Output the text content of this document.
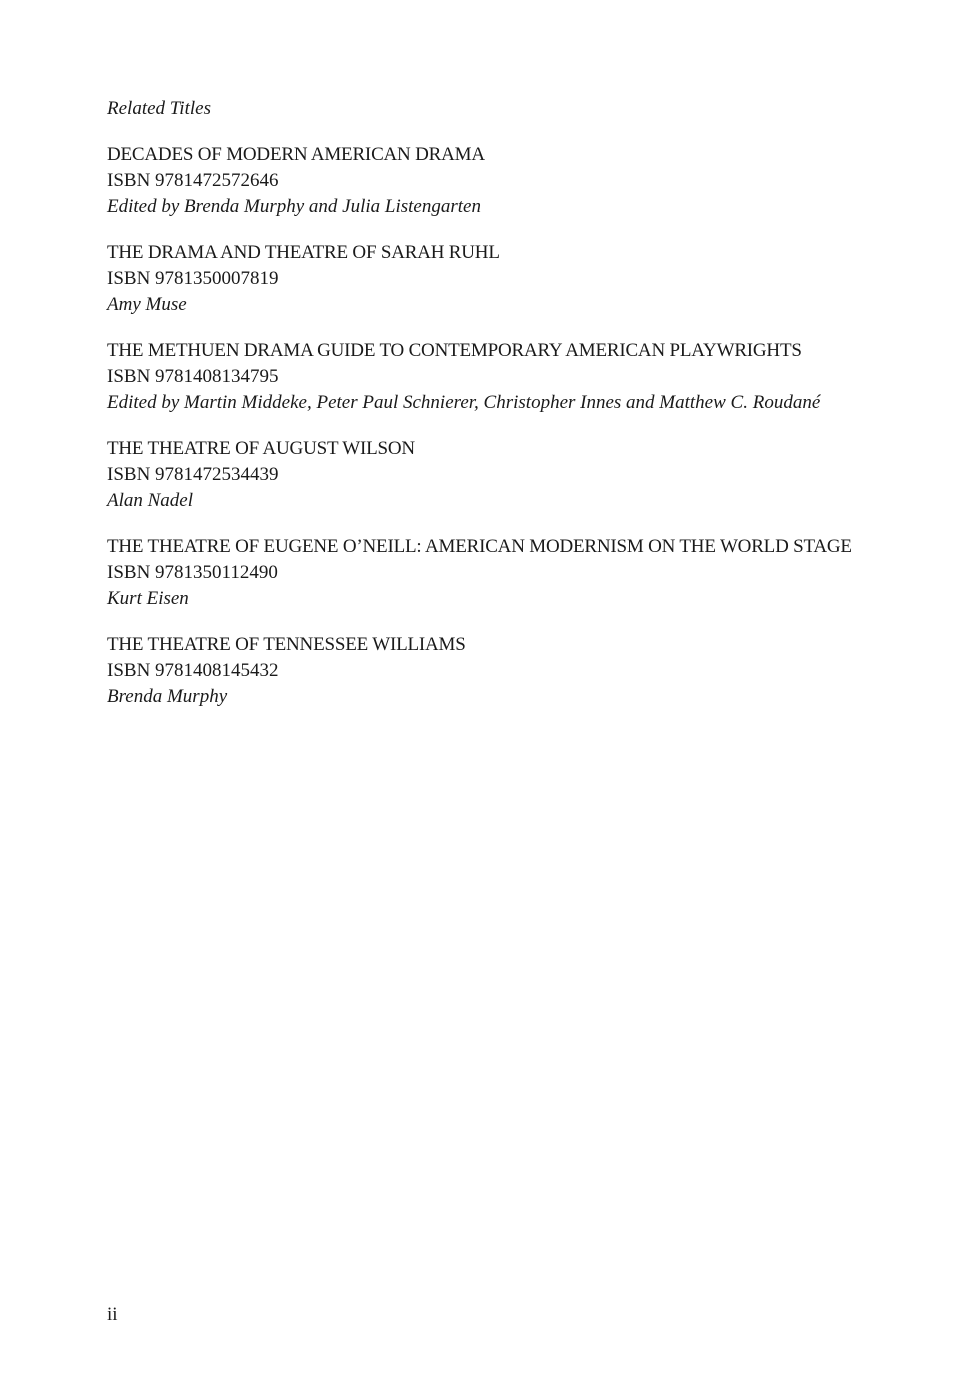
Related Titles

DECADES OF MODERN AMERICAN DRAMA

ISBN 9781472572646

Edited by Brenda Murphy and Julia Listengarten

THE DRAMA AND THEATRE OF SARAH RUHL

ISBN 9781350007819

Amy Muse

THE METHUEN DRAMA GUIDE TO CONTEMPORARY AMERICAN PLAYWRIGHTS

ISBN 9781408134795

Edited by Martin Middeke, Peter Paul Schnierer, Christopher Innes and Matthew C. Roudané

THE THEATRE OF AUGUST WILSON

ISBN 9781472534439

Alan Nadel

THE THEATRE OF EUGENE O’NEILL: AMERICAN MODERNISM ON THE WORLD STAGE

ISBN 9781350112490

Kurt Eisen

THE THEATRE OF TENNESSEE WILLIAMS

ISBN 9781408145432

Brenda Murphy

ii
